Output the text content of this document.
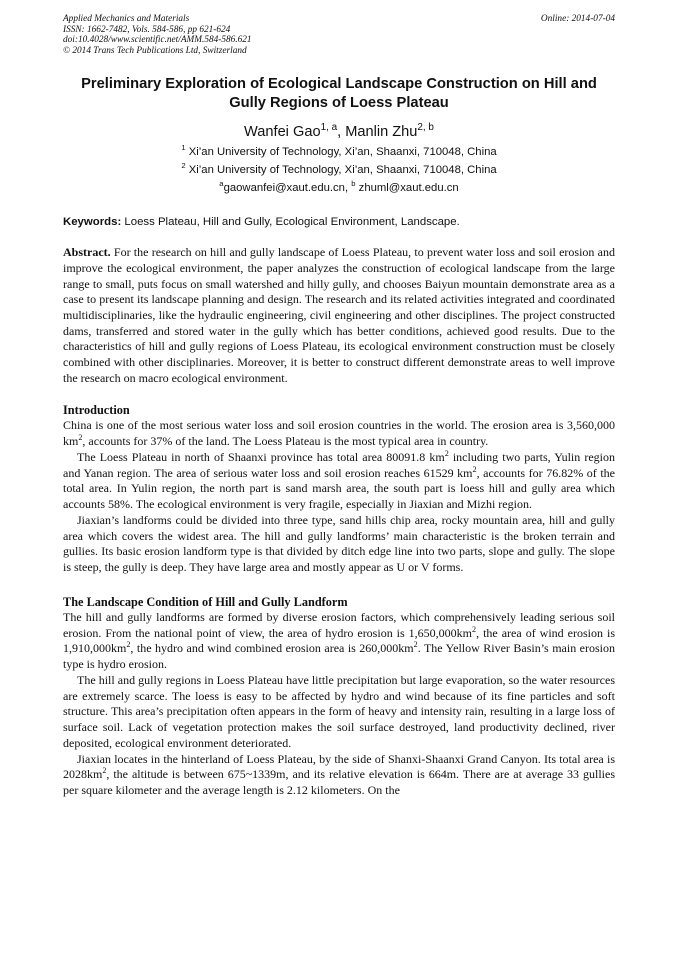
Applied Mechanics and Materials	Online: 2014-07-04
ISSN: 1662-7482, Vols. 584-586, pp 621-624
doi:10.4028/www.scientific.net/AMM.584-586.621
© 2014 Trans Tech Publications Ltd, Switzerland
Preliminary Exploration of Ecological Landscape Construction on Hill and Gully Regions of Loess Plateau
Wanfei Gao$^{1, a}$, Manlin Zhu$^{2, b}$
$^1$ Xi’an University of Technology, Xi’an, Shaanxi, 710048, China
$^2$ Xi’an University of Technology, Xi’an, Shaanxi, 710048, China
$^a$gaowanfei@xaut.edu.cn, $^b$ zhuml@xaut.edu.cn
Keywords: Loess Plateau, Hill and Gully, Ecological Environment, Landscape.
Abstract. For the research on hill and gully landscape of Loess Plateau, to prevent water loss and soil erosion and improve the ecological environment, the paper analyzes the construction of ecological landscape from the large range to small, puts focus on small watershed and hilly gully, and chooses Baiyun mountain demonstrate area as a case to present its landscape planning and design. The research and its related activities integrated and coordinated multidisciplinaries, like the hydraulic engineering, civil engineering and other disciplines. The project constructed dams, transferred and stored water in the gully which has better conditions, achieved good results. Due to the characteristics of hill and gully regions of Loess Plateau, its ecological environment construction must be closely combined with other disciplinaries. Moreover, it is better to construct different demonstrate areas to well improve the research on macro ecological environment.
Introduction

China is one of the most serious water loss and soil erosion countries in the world. The erosion area is 3,560,000 $km^2$, accounts for 37% of the land. The Loess Plateau is the most typical area in country.

The Loess Plateau in north of Shaanxi province has total area 80091.8 $km^2$ including two parts, Yulin region and Yanan region. The area of serious water loss and soil erosion reaches 61529 $km^2$, accounts for 76.82% of the total area. In Yulin region, the north part is sand marsh area, the south part is loess hill and gully area which accounts 58%. The ecological environment is very fragile, especially in Jiaxian and Mizhi region.

Jiaxian’s landforms could be divided into three type, sand hills chip area, rocky mountain area, hill and gully area which covers the widest area. The hill and gully landforms’ main characteristic is the broken terrain and gullies. Its basic erosion landform type is that divided by ditch edge line into two parts, slope and gully. The slope is steep, the gully is deep. They have large area and mostly appear as U or V forms.

The Landscape Condition of Hill and Gully Landform

The hill and gully landforms are formed by diverse erosion factors, which comprehensively leading serious soil erosion. From the national point of view, the area of hydro erosion is $1,650,000km^2$, the area of wind erosion is $1,910,000km^2$, the hydro and wind combined erosion area is $260,000km^2$. The Yellow River Basin’s main erosion type is hydro erosion.

The hill and gully regions in Loess Plateau have little precipitation but large evaporation, so the water resources are extremely scarce. The loess is easy to be affected by hydro and wind because of its fine particles and soft structure. This area’s precipitation often appears in the form of heavy and intensity rain, resulting in a large loss of surface soil. Lack of vegetation protection makes the soil surface destroyed, land productivity declined, river deposited, ecological environment deteriorated.

Jiaxian locates in the hinterland of Loess Plateau, by the side of Shanxi-Shaanxi Grand Canyon. Its total area is $2028km^2$, the altitude is between 675~1339m, and its relative elevation is 664m. There are at average 33 gullies per square kilometer and the average length is 2.12 kilometers. On the
